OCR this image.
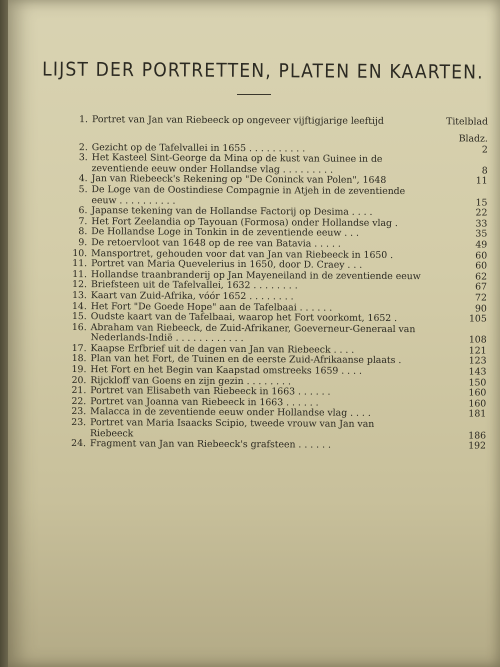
LIJST DER PORTRETTEN, PLATEN EN KAARTEN.
1. Portret van Jan van Riebeeck op ongeveer vijftigjarige leeftijd	Titelblad
Bladz.
2. Gezicht op de Tafelvallei in 1655 . . . . . . . . . .	2
3. Het Kasteel Sint-George da Mina op de kust van Guinee in de zeventiende eeuw onder Hollandse vlag . . . . . . . . .	8
4. Jan van Riebeeck's Rekening op "De Coninck van Polen", 1648	11
5. De Loge van de Oostindiese Compagnie in Atjeh in de zeventiende eeuw . . . . . . . . . .	15
6. Japanse tekening van de Hollandse Factorij op Desima . . . .	22
7. Het Fort Zeelandia op Tayouan (Formosa) onder Hollandse vlag .	33
8. De Hollandse Loge in Tonkin in de zeventiende eeuw . . .	35
9. De retoervloot van 1648 op de ree van Batavia . . . . .	49
10. Mansportret, gehouden voor dat van Jan van Riebeeck in 1650 .	60
11. Portret van Maria Quevelerius in 1650, door D. Craey . . .	60
11. Hollandse traanbranderij op Jan Mayeneiland in de zeventiende eeuw	62
12. Briefsteen uit de Tafelvallei, 1632 . . . . . . . .	67
13. Kaart van Zuid-Afrika, vóór 1652 . . . . . . . .	72
14. Het Fort "De Goede Hope" aan de Tafelbaai . . . . . .	90
15. Oudste kaart van de Tafelbaai, waarop het Fort voorkomt, 1652 .	105
16. Abraham van Riebeeck, de Zuid-Afrikaner, Goeverneur-Generaal van Nederlands-Indië . . . . . . . . . . . .	108
17. Kaapse Erfbrief uit de dagen van Jan van Riebeeck . . . .	121
18. Plan van het Fort, de Tuinen en de eerste Zuid-Afrikaanse plaats .	123
19. Het Fort en het Begin van Kaapstad omstreeks 1659 . . . .	143
20. Rijckloff van Goens en zijn gezin . . . . . . . .	150
21. Portret van Elisabeth van Riebeeck in 1663 . . . . . .	160
22. Portret van Joanna van Riebeeck in 1663 . . . . . .	160
23. Malacca in de zeventiende eeuw onder Hollandse vlag . . . .	181
23. Portret van Maria Isaacks Scipio, tweede vrouw van Jan van Riebeeck	186
24. Fragment van Jan van Riebeeck's grafsteen . . . . . .	192
